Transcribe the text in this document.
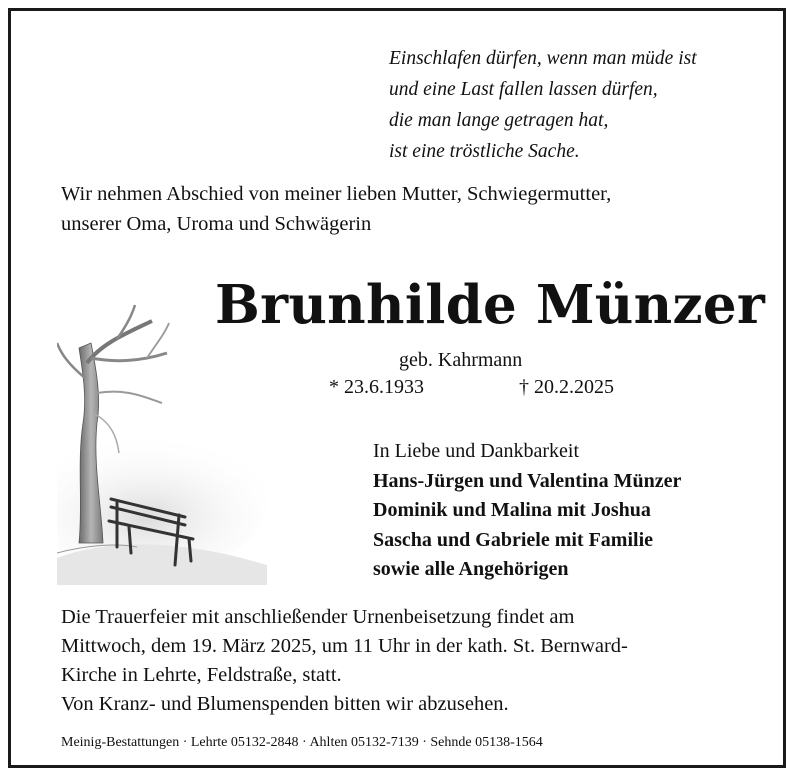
Einschlafen dürfen, wenn man müde ist
und eine Last fallen lassen dürfen,
die man lange getragen hat,
ist eine tröstliche Sache.
Wir nehmen Abschied von meiner lieben Mutter, Schwiegermutter,
unserer Oma, Uroma und Schwägerin
Brunhilde Münzer
geb. Kahrmann
* 23.6.1933	† 20.2.2025
In Liebe und Dankbarkeit
Hans-Jürgen und Valentina Münzer
Dominik und Malina mit Joshua
Sascha und Gabriele mit Familie
sowie alle Angehörigen
Die Trauerfeier mit anschließender Urnenbeisetzung findet am
Mittwoch, dem 19. März 2025, um 11 Uhr in der kath. St. Bernward-
Kirche in Lehrte, Feldstraße, statt.
Von Kranz- und Blumenspenden bitten wir abzusehen.
Meinig-Bestattungen · Lehrte 05132-2848 · Ahlten 05132-7139 · Sehnde 05138-1564
